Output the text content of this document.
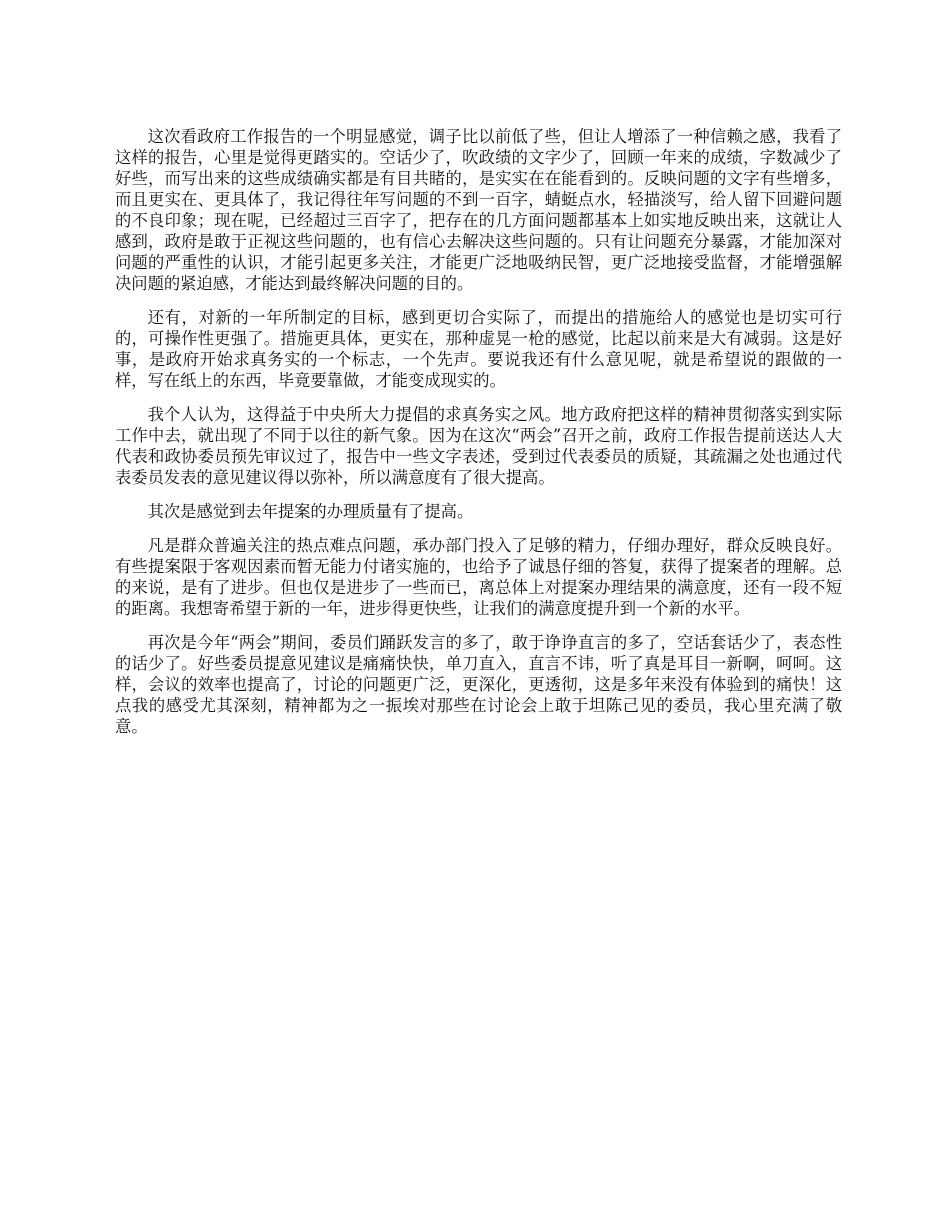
这次看政府工作报告的一个明显感觉，调子比以前低了些，但让人增添了一种信赖之感，我看了这样的报告，心里是觉得更踏实的。空话少了，吹政绩的文字少了，回顾一年来的成绩，字数减少了好些，而写出来的这些成绩确实都是有目共睹的，是实实在在能看到的。反映问题的文字有些增多，而且更实在、更具体了，我记得往年写问题的不到一百字，蜻蜓点水，轻描淡写，给人留下回避问题的不良印象；现在呢，已经超过三百字了，把存在的几方面问题都基本上如实地反映出来，这就让人感到，政府是敢于正视这些问题的，也有信心去解决这些问题的。只有让问题充分暴露，才能加深对问题的严重性的认识，才能引起更多关注，才能更广泛地吸纳民智，更广泛地接受监督，才能增强解决问题的紧迫感，才能达到最终解决问题的目的。

还有，对新的一年所制定的目标，感到更切合实际了，而提出的措施给人的感觉也是切实可行的，可操作性更强了。措施更具体，更实在，那种虚晃一枪的感觉，比起以前来是大有减弱。这是好事，是政府开始求真务实的一个标志，一个先声。要说我还有什么意见呢，就是希望说的跟做的一样，写在纸上的东西，毕竟要靠做，才能变成现实的。

我个人认为，这得益于中央所大力提倡的求真务实之风。地方政府把这样的精神贯彻落实到实际工作中去，就出现了不同于以往的新气象。因为在这次“两会”召开之前，政府工作报告提前送达人大代表和政协委员预先审议过了，报告中一些文字表述，受到过代表委员的质疑，其疏漏之处也通过代表委员发表的意见建议得以弥补，所以满意度有了很大提高。

其次是感觉到去年提案的办理质量有了提高。

凡是群众普遍关注的热点难点问题，承办部门投入了足够的精力，仔细办理好，群众反映良好。有些提案限于客观因素而暂无能力付诸实施的，也给予了诚恳仔细的答复，获得了提案者的理解。总的来说，是有了进步。但也仅是进步了一些而已，离总体上对提案办理结果的满意度，还有一段不短的距离。我想寄希望于新的一年，进步得更快些，让我们的满意度提升到一个新的水平。

再次是今年“两会”期间，委员们踊跃发言的多了，敢于诤诤直言的多了，空话套话少了，表态性的话少了。好些委员提意见建议是痛痛快快，单刀直入，直言不讳，听了真是耳目一新啊，呵呵。这样，会议的效率也提高了，讨论的问题更广泛，更深化，更透彻，这是多年来没有体验到的痛快！这点我的感受尤其深刻，精神都为之一振埃对那些在讨论会上敢于坦陈己见的委员，我心里充满了敬意。
